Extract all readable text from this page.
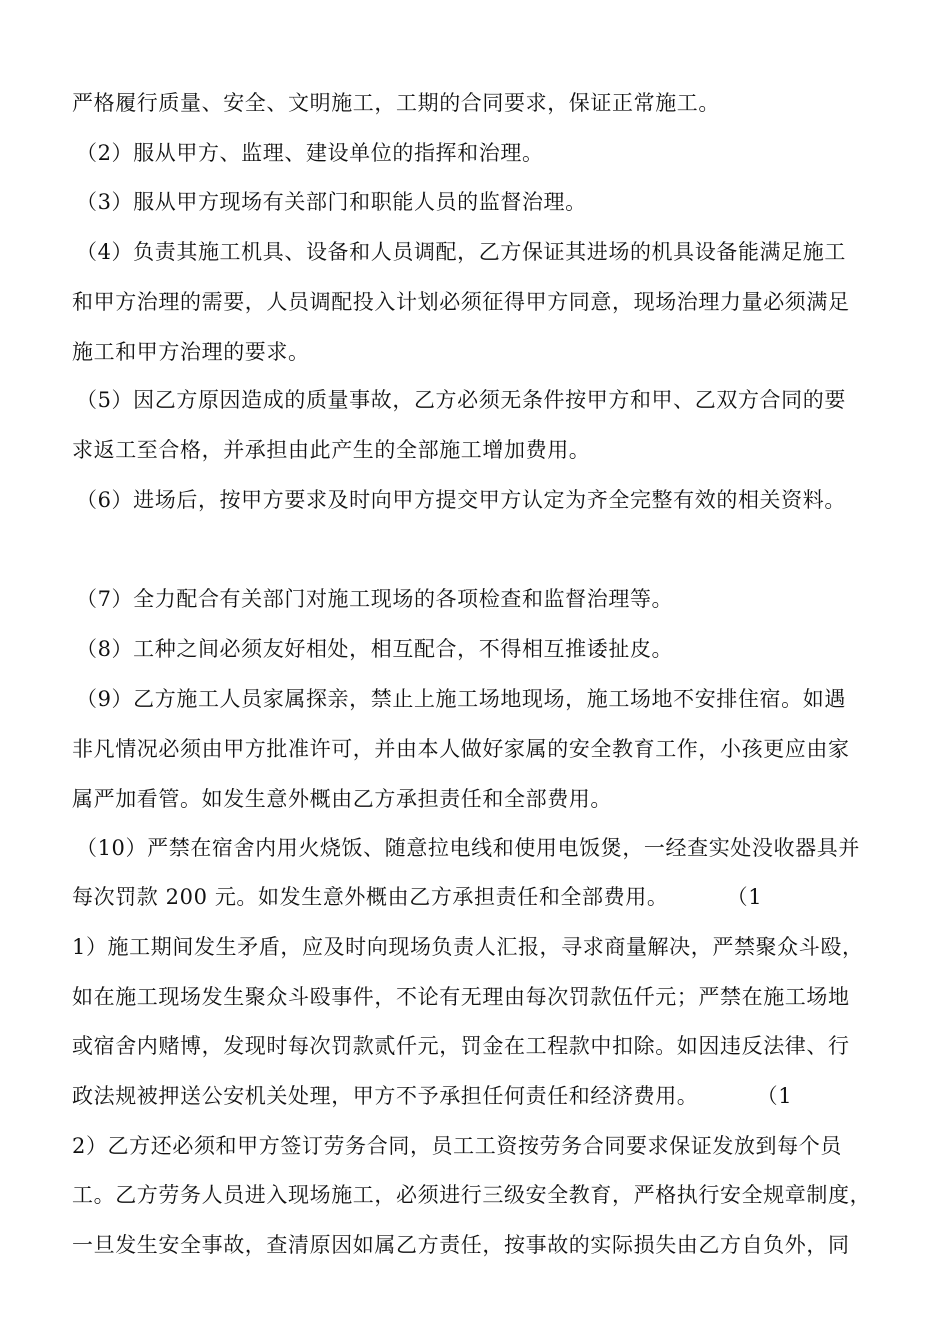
严格履行质量、安全、文明施工，工期的合同要求，保证正常施工。
（2）服从甲方、监理、建设单位的指挥和治理。
（3）服从甲方现场有关部门和职能人员的监督治理。
（4）负责其施工机具、设备和人员调配，乙方保证其进场的机具设备能满足施工
和甲方治理的需要，人员调配投入计划必须征得甲方同意，现场治理力量必须满足
施工和甲方治理的要求。
（5）因乙方原因造成的质量事故，乙方必须无条件按甲方和甲、乙双方合同的要
求返工至合格，并承担由此产生的全部施工增加费用。
（6）进场后，按甲方要求及时向甲方提交甲方认定为齐全完整有效的相关资料。
（7）全力配合有关部门对施工现场的各项检查和监督治理等。
（8）工种之间必须友好相处，相互配合，不得相互推诿扯皮。
（9）乙方施工人员家属探亲，禁止上施工场地现场，施工场地不安排住宿。如遇
非凡情况必须由甲方批准许可，并由本人做好家属的安全教育工作，小孩更应由家
属严加看管。如发生意外概由乙方承担责任和全部费用。
（10）严禁在宿舍内用火烧饭、随意拉电线和使用电饭煲，一经查实处没收器具并
每次罚款 200 元。如发生意外概由乙方承担责任和全部费用。        （1
1）施工期间发生矛盾，应及时向现场负责人汇报，寻求商量解决，严禁聚众斗殴，
如在施工现场发生聚众斗殴事件，不论有无理由每次罚款伍仟元；严禁在施工场地
或宿舍内赌博，发现时每次罚款贰仟元，罚金在工程款中扣除。如因违反法律、行
政法规被押送公安机关处理，甲方不予承担任何责任和经济费用。        （1
2）乙方还必须和甲方签订劳务合同，员工工资按劳务合同要求保证发放到每个员
工。乙方劳务人员进入现场施工，必须进行三级安全教育，严格执行安全规章制度，
一旦发生安全事故，查清原因如属乙方责任，按事故的实际损失由乙方自负外，同
